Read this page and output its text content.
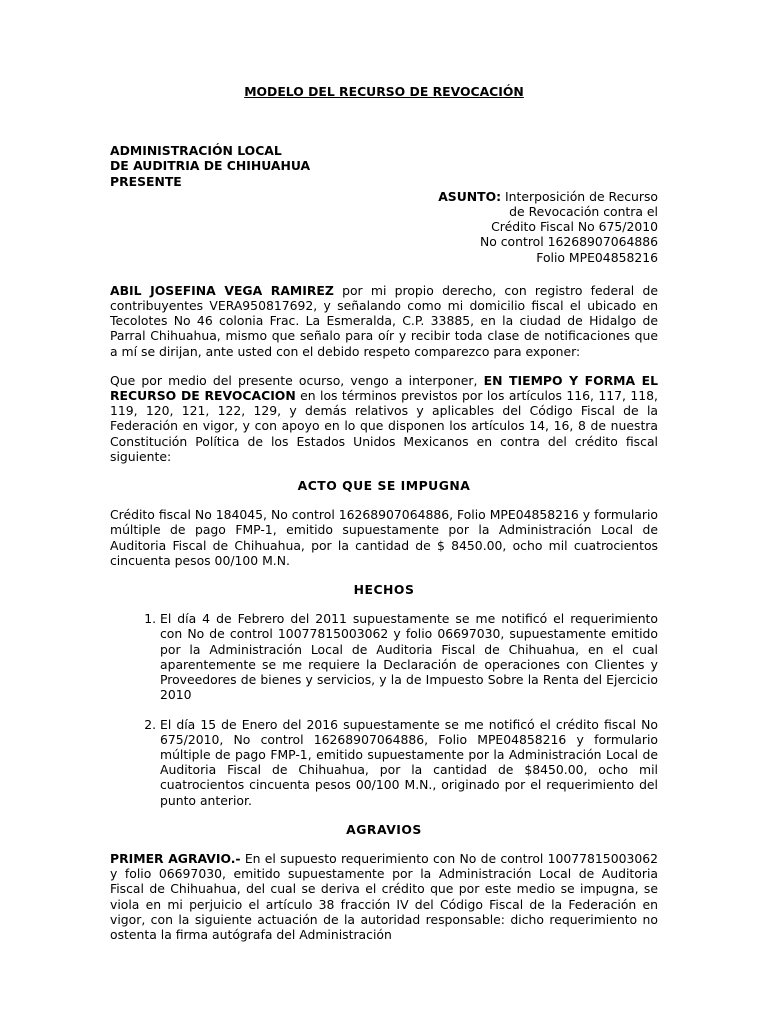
MODELO DEL RECURSO DE REVOCACIÓN
ADMINISTRACIÓN LOCAL
DE AUDITRIA DE CHIHUAHUA
PRESENTE
ASUNTO: Interposición de Recurso
de Revocación contra el
Crédito Fiscal No 675/2010
No control 16268907064886
Folio MPE04858216

ABIL JOSEFINA VEGA RAMIREZ por mi propio derecho, con registro federal de contribuyentes VERA950817692, y señalando como mi domicilio fiscal el ubicado en Tecolotes No 46 colonia Frac. La Esmeralda, C.P. 33885, en la ciudad de Hidalgo de Parral Chihuahua, mismo que señalo para oír y recibir toda clase de notificaciones que a mí se dirijan, ante usted con el debido respeto comparezco para exponer:

Que por medio del presente ocurso, vengo a interponer, EN TIEMPO Y FORMA EL RECURSO DE REVOCACION en los términos previstos por los artículos 116, 117, 118, 119, 120, 121, 122, 129, y demás relativos y aplicables del Código Fiscal de la Federación en vigor, y con apoyo en lo que disponen los artículos 14, 16, 8 de nuestra Constitución Política de los Estados Unidos Mexicanos en contra del crédito fiscal siguiente:

ACTO QUE SE IMPUGNA

Crédito fiscal No 184045, No control 16268907064886, Folio MPE04858216 y formulario múltiple de pago FMP-1, emitido supuestamente por la Administración Local de Auditoria Fiscal de Chihuahua, por la cantidad de $ 8450.00, ocho mil cuatrocientos cincuenta pesos 00/100 M.N.

HECHOS
1. El día 4 de Febrero del 2011 supuestamente se me notificó el requerimiento con No de control 10077815003062 y folio 06697030, supuestamente emitido por la Administración Local de Auditoria Fiscal de Chihuahua, en el cual aparentemente se me requiere la Declaración de operaciones con Clientes y Proveedores de bienes y servicios, y la de Impuesto Sobre la Renta del Ejercicio 2010
2. El día 15 de Enero del 2016 supuestamente se me notificó el crédito fiscal No 675/2010, No control 16268907064886, Folio MPE04858216 y formulario múltiple de pago FMP-1, emitido supuestamente por la Administración Local de Auditoria Fiscal de Chihuahua, por la cantidad de $8450.00, ocho mil cuatrocientos cincuenta pesos 00/100 M.N., originado por el requerimiento del punto anterior.
AGRAVIOS

PRIMER AGRAVIO.- En el supuesto requerimiento con No de control 10077815003062 y folio 06697030, emitido supuestamente por la Administración Local de Auditoria Fiscal de Chihuahua, del cual se deriva el crédito que por este medio se impugna, se viola en mi perjuicio el artículo 38 fracción IV del Código Fiscal de la Federación en vigor, con la siguiente actuación de la autoridad responsable: dicho requerimiento no ostenta la firma autógrafa del Administración
